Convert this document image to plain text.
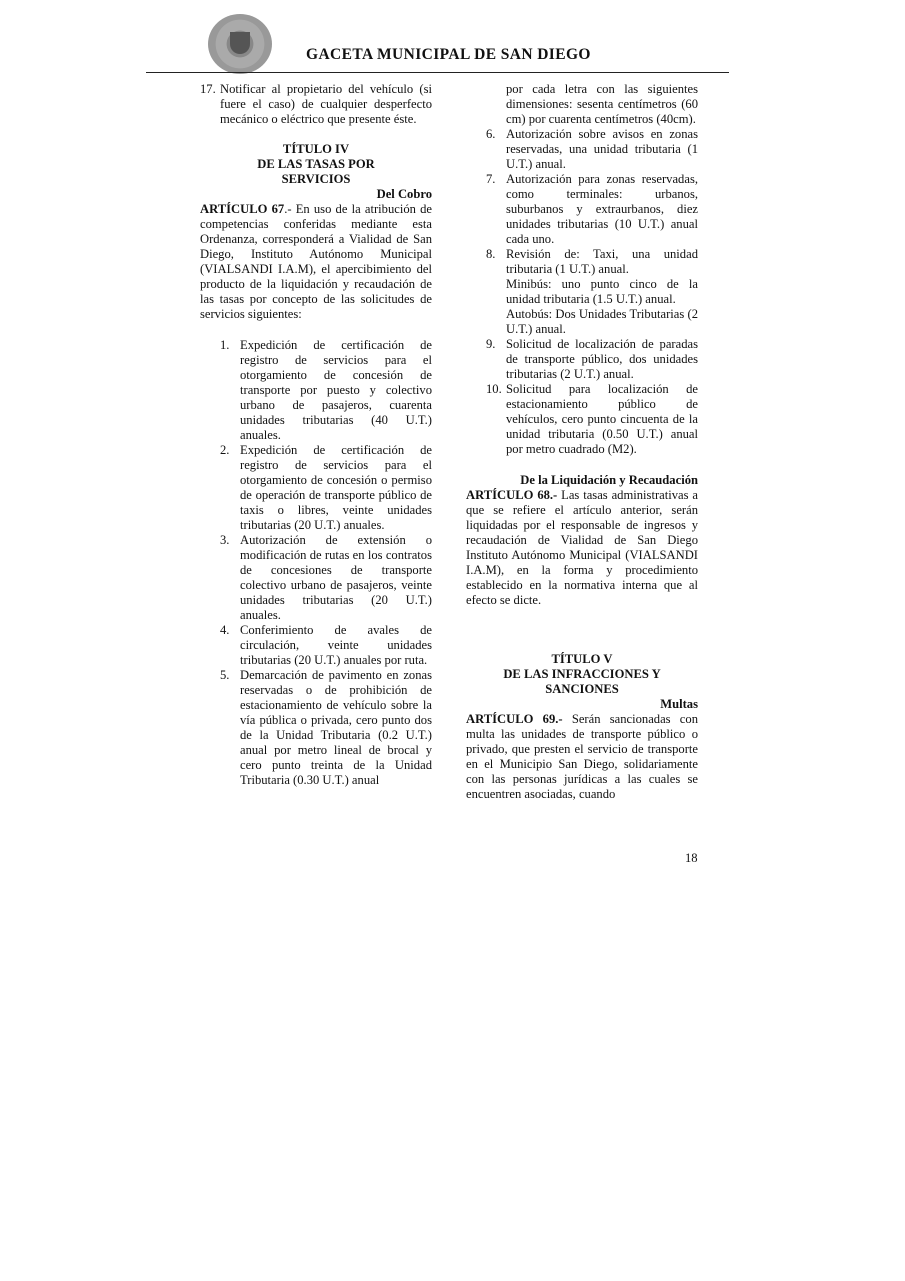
GACETA MUNICIPAL DE SAN DIEGO
17. Notificar al propietario del vehículo (si fuere el caso) de cualquier desperfecto mecánico o eléctrico que presente éste.

TÍTULO IV

DE LAS TASAS POR

SERVICIOS

Del Cobro

ARTÍCULO 67.- En uso de la atribución de competencias conferidas mediante esta Ordenanza, corresponderá a Vialidad de San Diego, Instituto Autónomo Municipal (VIALSANDI I.A.M), el apercibimiento del producto de la liquidación y recaudación de las tasas por concepto de las solicitudes de servicios siguientes:

1. Expedición de certificación de registro de servicios para el otorgamiento de concesión de transporte por puesto y colectivo urbano de pasajeros, cuarenta unidades tributarias (40 U.T.) anuales.
2. Expedición de certificación de registro de servicios para el otorgamiento de concesión o permiso de operación de transporte público de taxis o libres, veinte unidades tributarias (20 U.T.) anuales.
3. Autorización de extensión o modificación de rutas en los contratos de concesiones de transporte colectivo urbano de pasajeros, veinte unidades tributarias (20 U.T.) anuales.
4. Conferimiento de avales de circulación, veinte unidades tributarias (20 U.T.) anuales por ruta.
5. Demarcación de pavimento en zonas reservadas o de prohibición de estacionamiento de vehículo sobre la vía pública o privada, cero punto dos de la Unidad Tributaria (0.2 U.T.) anual por metro lineal de brocal y cero punto treinta de la Unidad Tributaria (0.30 U.T.) anual

por cada letra con las siguientes dimensiones: sesenta centímetros (60 cm) por cuarenta centímetros (40cm).

6. Autorización sobre avisos en zonas reservadas, una unidad tributaria (1 U.T.) anual.
7. Autorización para zonas reservadas, como terminales: urbanos, suburbanos y extraurbanos, diez unidades tributarias (10 U.T.) anual cada uno.
8. Revisión de: Taxi, una unidad tributaria (1 U.T.) anual.
Minibús: uno punto cinco de la unidad tributaria (1.5 U.T.) anual.
Autobús: Dos Unidades Tributarias (2 U.T.) anual.
9. Solicitud de localización de paradas de transporte público, dos unidades tributarias (2 U.T.) anual.
10. Solicitud para localización de estacionamiento público de vehículos, cero punto cincuenta de la unidad tributaria (0.50 U.T.) anual por metro cuadrado (M2).

De la Liquidación y Recaudación

ARTÍCULO 68.- Las tasas administrativas a que se refiere el artículo anterior, serán liquidadas por el responsable de ingresos y recaudación de Vialidad de San Diego Instituto Autónomo Municipal (VIALSANDI I.A.M), en la forma y procedimiento establecido en la normativa interna que al efecto se dicte.

TÍTULO V

DE LAS INFRACCIONES Y

SANCIONES

Multas

ARTÍCULO 69.- Serán sancionadas con multa las unidades de transporte público o privado, que presten el servicio de transporte en el Municipio San Diego, solidariamente con las personas jurídicas a las cuales se encuentren asociadas, cuando

18
